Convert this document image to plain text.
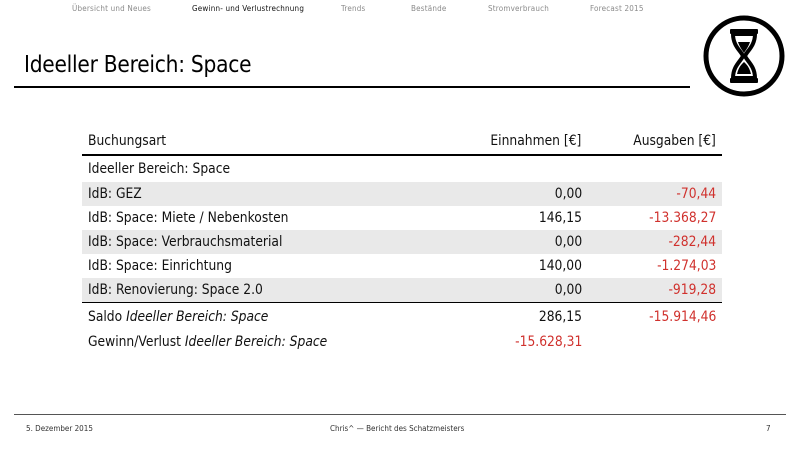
Übersicht und Neues	Gewinn- und Verlustrechnung	Trends	Bestände	Stromverbrauch	Forecast 2015
Ideeller Bereich: Space
Buchungsart	Einnahmen [€]	Ausgaben [€]
Ideeller Bereich: Space		
IdB: GEZ	0,00	-70,44
IdB: Space: Miete / Nebenkosten	146,15	-13.368,27
IdB: Space: Verbrauchsmaterial	0,00	-282,44
IdB: Space: Einrichtung	140,00	-1.274,03
IdB: Renovierung: Space 2.0	0,00	-919,28
Saldo Ideeller Bereich: Space	286,15	-15.914,46
Gewinn/Verlust Ideeller Bereich: Space	-15.628,31	
5. Dezember 2015	Chris^ — Bericht des Schatzmeisters	7
